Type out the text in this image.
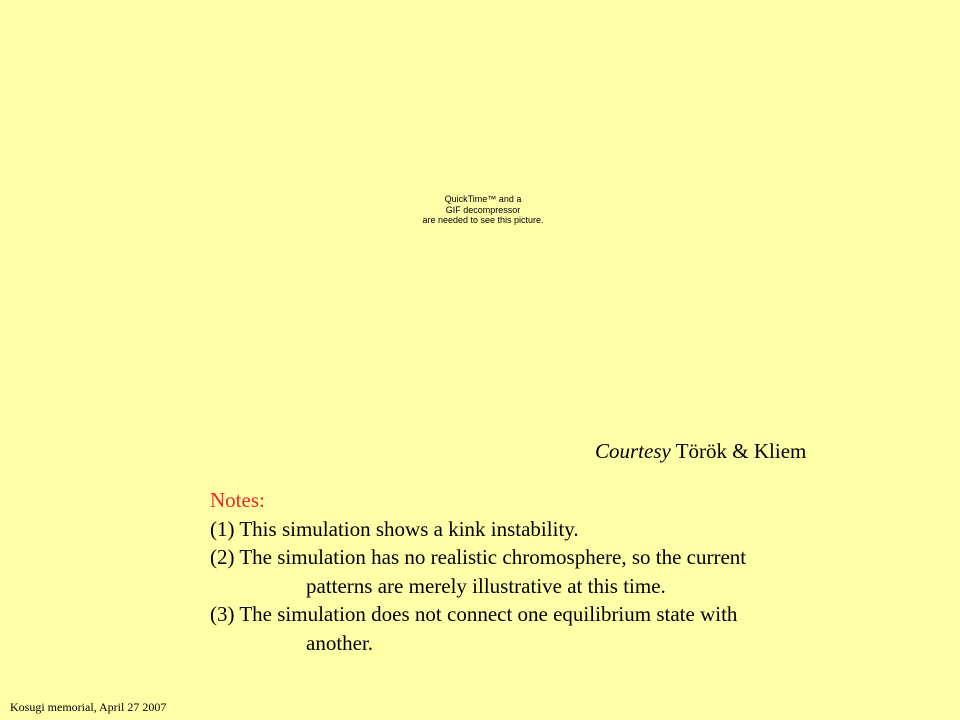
QuickTime™ and a
GIF decompressor
are needed to see this picture.
Courtesy Török & Kliem
Notes:
(1) This simulation shows a kink instability.
(2) The simulation has no realistic chromosphere, so the current
patterns are merely illustrative at this time.
(3) The simulation does not connect one equilibrium state with
another.
Kosugi memorial, April 27 2007
